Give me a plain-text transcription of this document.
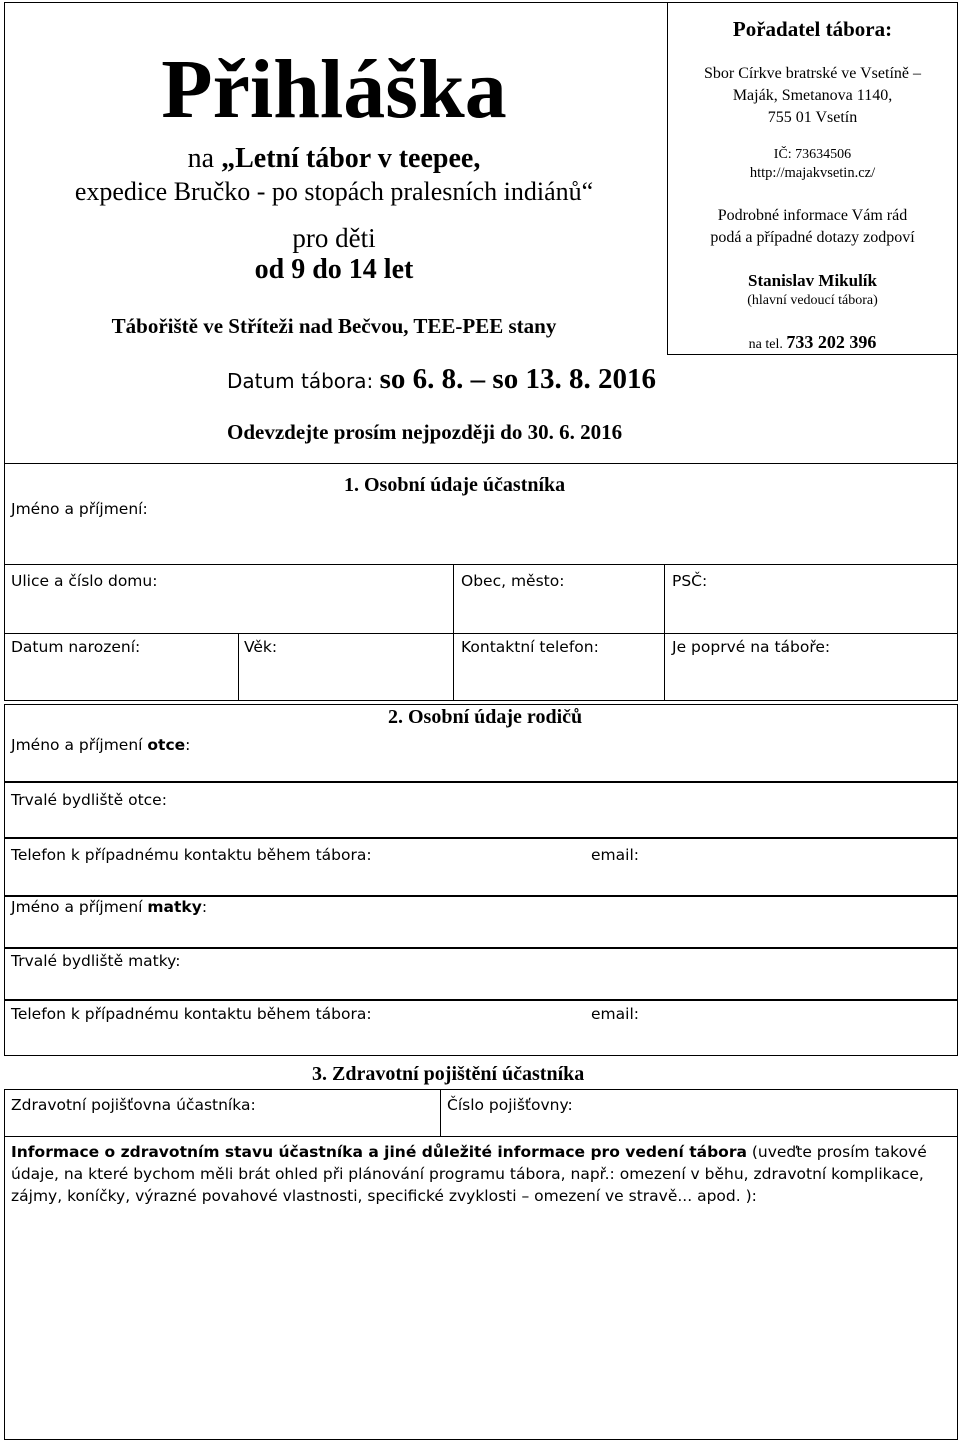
Přihláška
na „Letní tábor v teepee,
expedice Bručko - po stopách pralesních indiánů“
pro děti
od 9 do 14 let
Tábořiště ve Stříteži nad Bečvou, TEE-PEE stany
Datum tábora: so 6. 8. – so 13. 8. 2016
Odevzdejte prosím nejpozději do 30. 6. 2016
Pořadatel tábora:
Sbor Církve bratrské ve Vsetíně –
Maják, Smetanova 1140,
755 01 Vsetín
IČ: 73634506
http://majakvsetin.cz/
Podrobné informace Vám rád
podá a případné dotazy zodpoví
Stanislav Mikulík
(hlavní vedoucí tábora)
na tel. 733 202 396
Jméno a příjmení:
1. Osobní údaje účastníka
Ulice a číslo domu:	Obec, město:	PSČ:
Datum narození:	Věk:	Kontaktní telefon:	Je poprvé na táboře:
2. Osobní údaje rodičů
Jméno a příjmení otce:
Trvalé bydliště otce:
Telefon k případnému kontaktu během tábora:	email:
Jméno a příjmení matky:
Trvalé bydliště matky:
Telefon k případnému kontaktu během tábora:	email:
3. Zdravotní pojištění účastníka
Zdravotní pojišťovna účastníka:	Číslo pojišťovny:
Informace o zdravotním stavu účastníka a jiné důležité informace pro vedení tábora (uveďte prosím takové údaje, na které bychom měli brát ohled při plánování programu tábora, např.: omezení v běhu, zdravotní komplikace, zájmy, koníčky, výrazné povahové vlastnosti, specifické zvyklosti – omezení ve stravě... apod. ):
